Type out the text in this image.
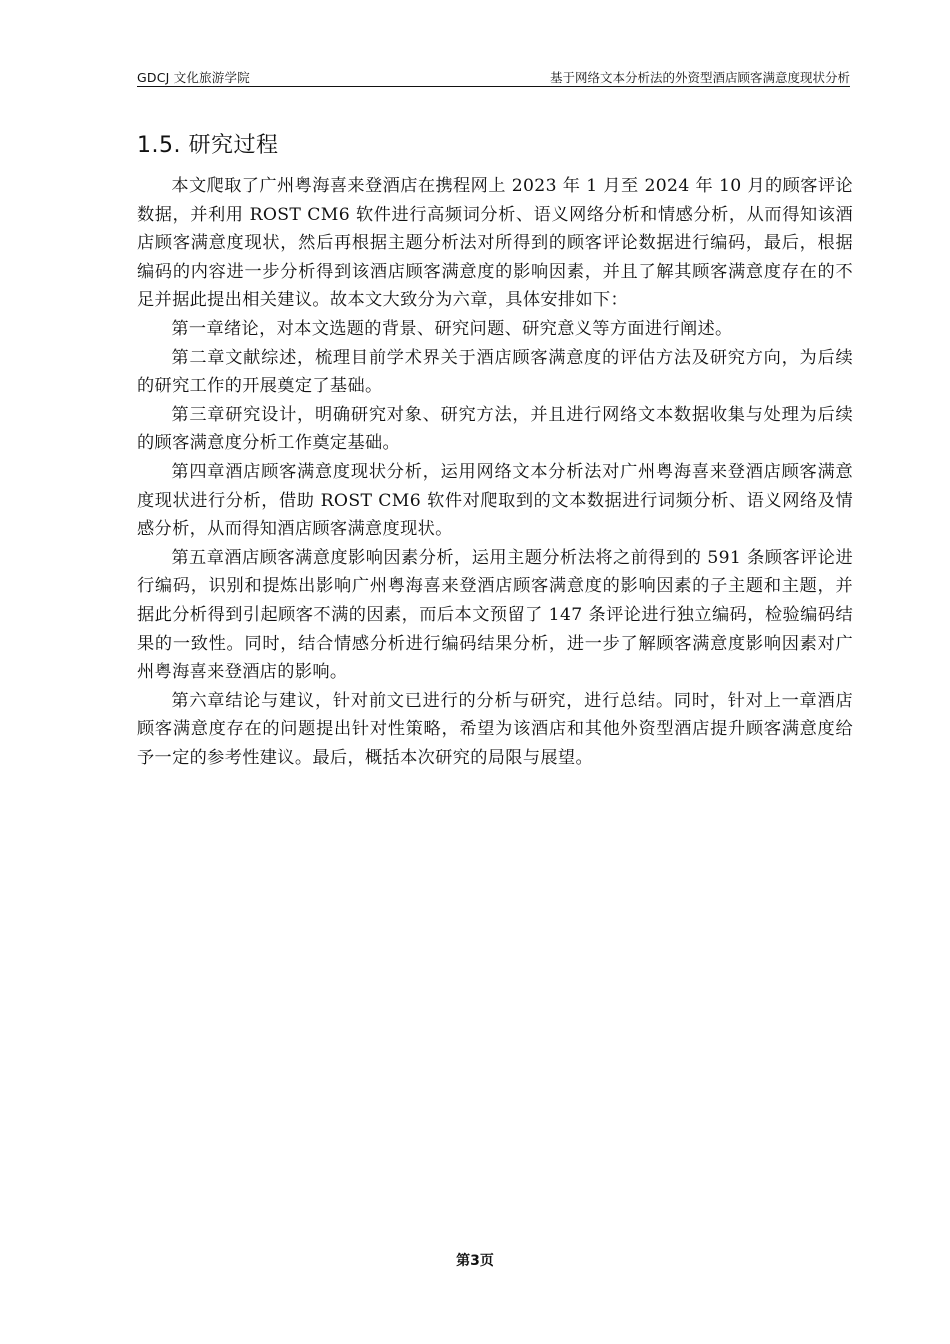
GDCJ 文化旅游学院	基于网络文本分析法的外资型酒店顾客满意度现状分析
1.5. 研究过程

本文爬取了广州粤海喜来登酒店在携程网上 2023 年 1 月至 2024 年 10 月的顾客评论数据，并利用 ROST CM6 软件进行高频词分析、语义网络分析和情感分析，从而得知该酒店顾客满意度现状，然后再根据主题分析法对所得到的顾客评论数据进行编码，最后，根据编码的内容进一步分析得到该酒店顾客满意度的影响因素，并且了解其顾客满意度存在的不足并据此提出相关建议。故本文大致分为六章，具体安排如下：

第一章绪论，对本文选题的背景、研究问题、研究意义等方面进行阐述。

第二章文献综述，梳理目前学术界关于酒店顾客满意度的评估方法及研究方向，为后续的研究工作的开展奠定了基础。

第三章研究设计，明确研究对象、研究方法，并且进行网络文本数据收集与处理为后续的顾客满意度分析工作奠定基础。

第四章酒店顾客满意度现状分析，运用网络文本分析法对广州粤海喜来登酒店顾客满意度现状进行分析，借助 ROST CM6 软件对爬取到的文本数据进行词频分析、语义网络及情感分析，从而得知酒店顾客满意度现状。

第五章酒店顾客满意度影响因素分析，运用主题分析法将之前得到的 591 条顾客评论进行编码，识别和提炼出影响广州粤海喜来登酒店顾客满意度的影响因素的子主题和主题，并据此分析得到引起顾客不满的因素，而后本文预留了 147 条评论进行独立编码，检验编码结果的一致性。同时，结合情感分析进行编码结果分析，进一步了解顾客满意度影响因素对广州粤海喜来登酒店的影响。

第六章结论与建议，针对前文已进行的分析与研究，进行总结。同时，针对上一章酒店顾客满意度存在的问题提出针对性策略，希望为该酒店和其他外资型酒店提升顾客满意度给予一定的参考性建议。最后，概括本次研究的局限与展望。

第3页
